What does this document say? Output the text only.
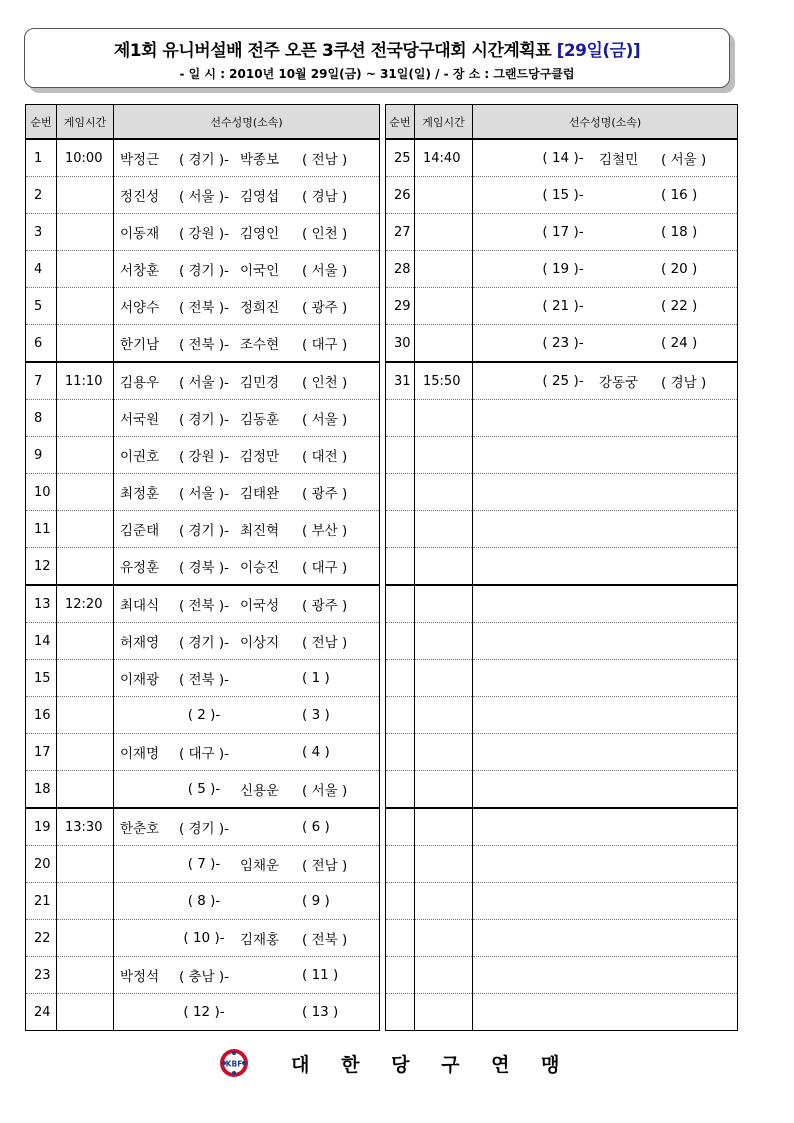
제1회 유니버설배 전주 오픈 3쿠션 전국당구대회 시간계획표 [29일(금)]
- 일 시 : 2010년 10월 29일(금) ~ 31일(일) / - 장 소 : 그랜드당구클럽
순번	게임시간	선수성명(소속)
1	10:00	박정근 ( 경기 )- 박종보 ( 전남 )

2		정진성 ( 서울 )- 김영섭 ( 경남 )

3		이동재 ( 강원 )- 김영인 ( 인천 )

4		서창훈 ( 경기 )- 이국인 ( 서울 )

5		서양수 ( 전북 )- 정희진 ( 광주 )

6		한기남 ( 전북 )- 조수현 ( 대구 )

7	11:10	김용우 ( 서울 )- 김민경 ( 인천 )

8		서국원 ( 경기 )- 김동훈 ( 서울 )

9		이권호 ( 강원 )- 김정만 ( 대전 )

10		최정훈 ( 서울 )- 김태완 ( 광주 )

11		김준태 ( 경기 )- 최진혁 ( 부산 )

12		유정훈 ( 경북 )- 이승진 ( 대구 )

13	12:20	최대식 ( 전북 )- 이국성 ( 광주 )

14		허재영 ( 경기 )- 이상지 ( 전남 )

15		이재광 ( 전북 )- ( 1 )

16		( 2 )- ( 3 )

17		이재명 ( 대구 )- ( 4 )

18		( 5 )- 신용운 ( 서울 )

19	13:30	한춘호 ( 경기 )- ( 6 )

20		( 7 )- 임채운 ( 전남 )

21		( 8 )- ( 9 )

22		( 10 )- 김재홍 ( 전북 )

23		박정석 ( 충남 )- ( 11 )

24		( 12 )- ( 13 )
순번	게임시간	선수성명(소속)
25	14:40	( 14 )- 김철민 ( 서울 )

26		( 15 )- ( 16 )

27		( 17 )- ( 18 )

28		( 19 )- ( 20 )

29		( 21 )- ( 22 )

30		( 23 )- ( 24 )

31	15:50	( 25 )- 강동궁 ( 경남 )

KBF	대 한 당 구 연 맹
